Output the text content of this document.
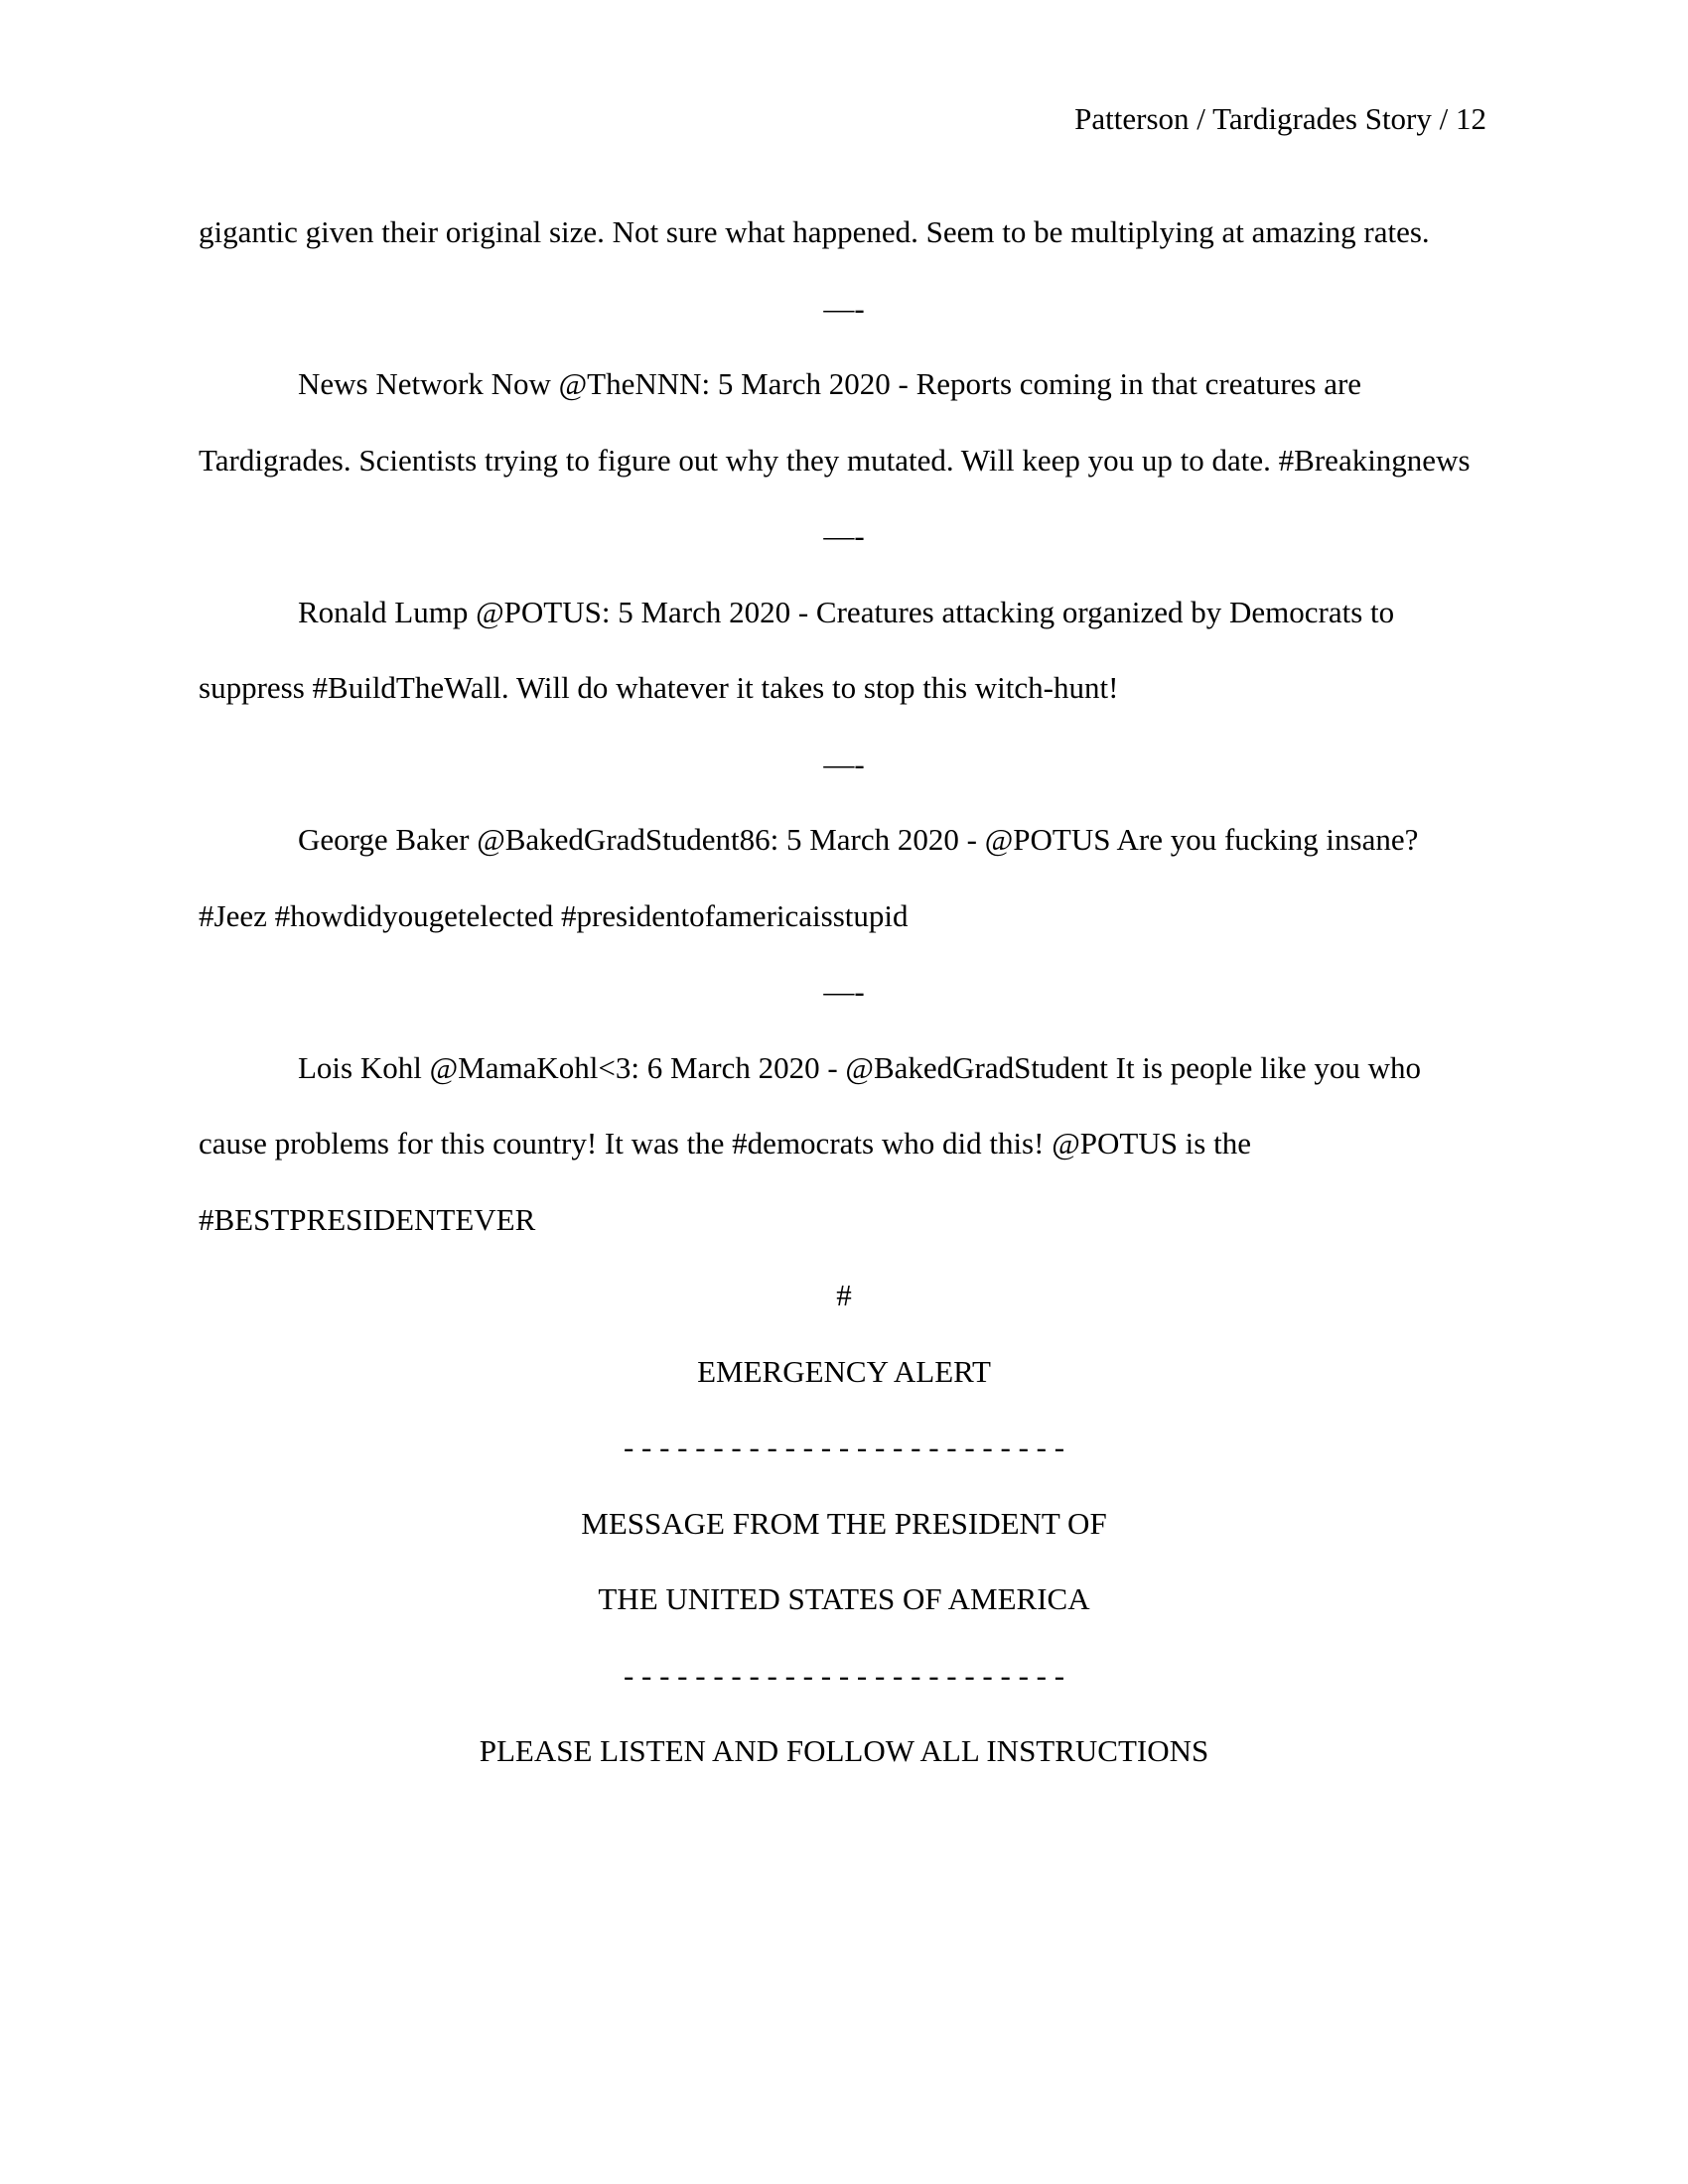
Patterson / Tardigrades Story / 12

gigantic given their original size. Not sure what happened. Seem to be multiplying at amazing rates.

—-

News Network Now @TheNNN: 5 March 2020 - Reports coming in that creatures are Tardigrades. Scientists trying to figure out why they mutated. Will keep you up to date. #Breakingnews

—-

Ronald Lump @POTUS: 5 March 2020 - Creatures attacking organized by Democrats to suppress #BuildTheWall. Will do whatever it takes to stop this witch-hunt!

—-

George Baker @BakedGradStudent86: 5 March 2020 - @POTUS Are you fucking insane? #Jeez #howdidyougetelected #presidentofamericaisstupid

—-

Lois Kohl @MamaKohl<3: 6 March 2020 - @BakedGradStudent It is people like you who cause problems for this country! It was the #democrats who did this! @POTUS is the #BESTPRESIDENTEVER

#

EMERGENCY ALERT

- - - - - - - - - - - - - - - - - - - - - - - - -

MESSAGE FROM THE PRESIDENT OF

THE UNITED STATES OF AMERICA

- - - - - - - - - - - - - - - - - - - - - - - - -

PLEASE LISTEN AND FOLLOW ALL INSTRUCTIONS
